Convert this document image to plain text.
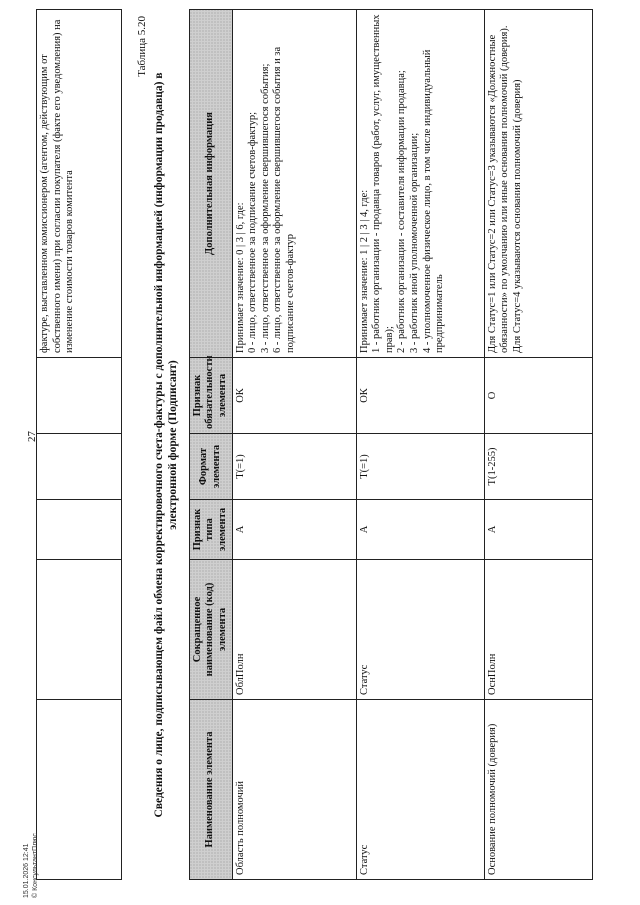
27
					фактуре, выставленном комиссионером (агентом, действующим от собственного имени) при согласии покупателя (факте его уведомления) на изменение стоимости товаров комитента
Таблица 5.20
Сведения о лице, подписывающем файл обмена корректировочного счета-фактуры с дополнительной информацией (информации продавца) в электронной форме (Подписант)
Наименование элемента	Сокращенное наименование (код) элемента	Признак типа элемента	Формат элемента	Признак обязательности элемента	Дополнительная информация
Область полномочий	ОблПолн	А	T(=1)	ОК	Принимает значение: 0 | 3 | 6, где: 0 - лицо, ответственное за подписание счетов-фактур; 3 - лицо, ответственное за оформление свершившегося события; 6 - лицо, ответственное за оформление свершившегося события и за подписание счетов-фактур

Статус	Статус	А	T(=1)	ОК	Принимает значение: 1 | 2 | 3 | 4, где: 1 - работник организации - продавца товаров (работ, услуг, имущественных прав); 2 - работник организации - составителя информации продавца; 3 - работник иной уполномоченной организации; 4 - уполномоченное физическое лицо, в том числе индивидуальный предприниматель

Основание полномочий (доверия)	ОснПолн	А	T(1-255)	О	Для Статус=1 или Статус=2 или Статус=3 указываются «Должностные обязанности» по умолчанию или иные основания полномочий (доверия). Для Статус=4 указываются основания полномочий (доверия)

15.01.2026 12:41 © КонсультантПлюс
